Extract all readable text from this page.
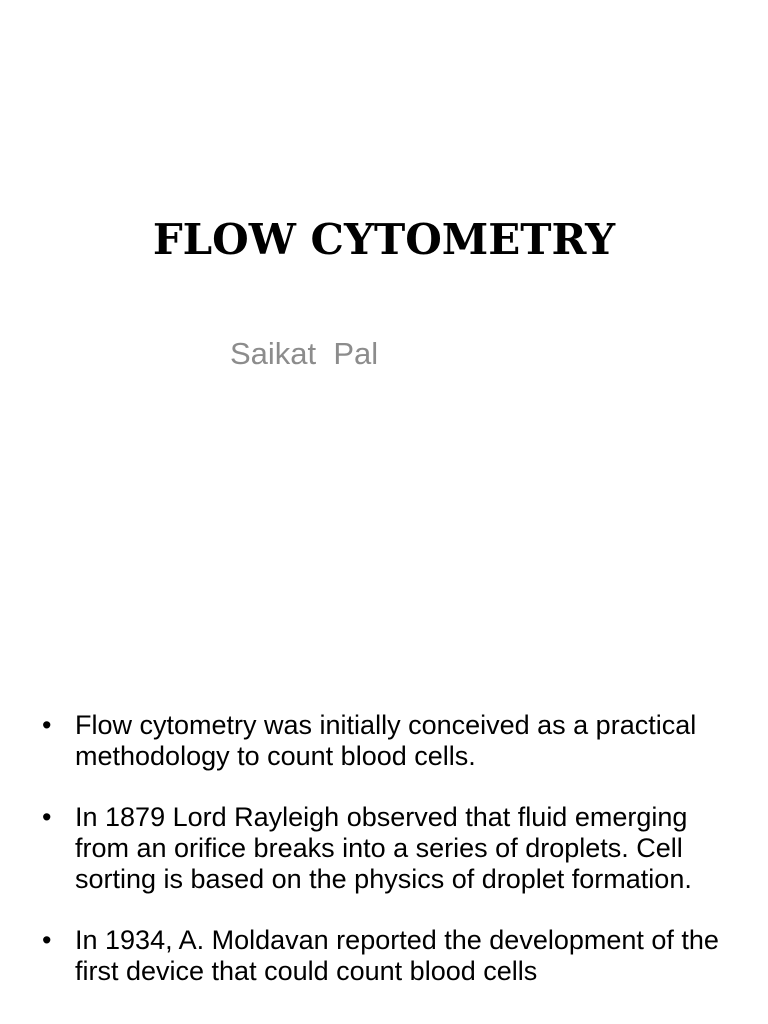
FLOW CYTOMETRY
Saikat  Pal
• Flow cytometry was initially conceived as a practical methodology to count blood cells.
• In 1879 Lord Rayleigh observed that fluid emerging from an orifice breaks into a series of droplets. Cell sorting is based on the physics of droplet formation.
• In 1934, A. Moldavan reported the development of the first device that could count blood cells
